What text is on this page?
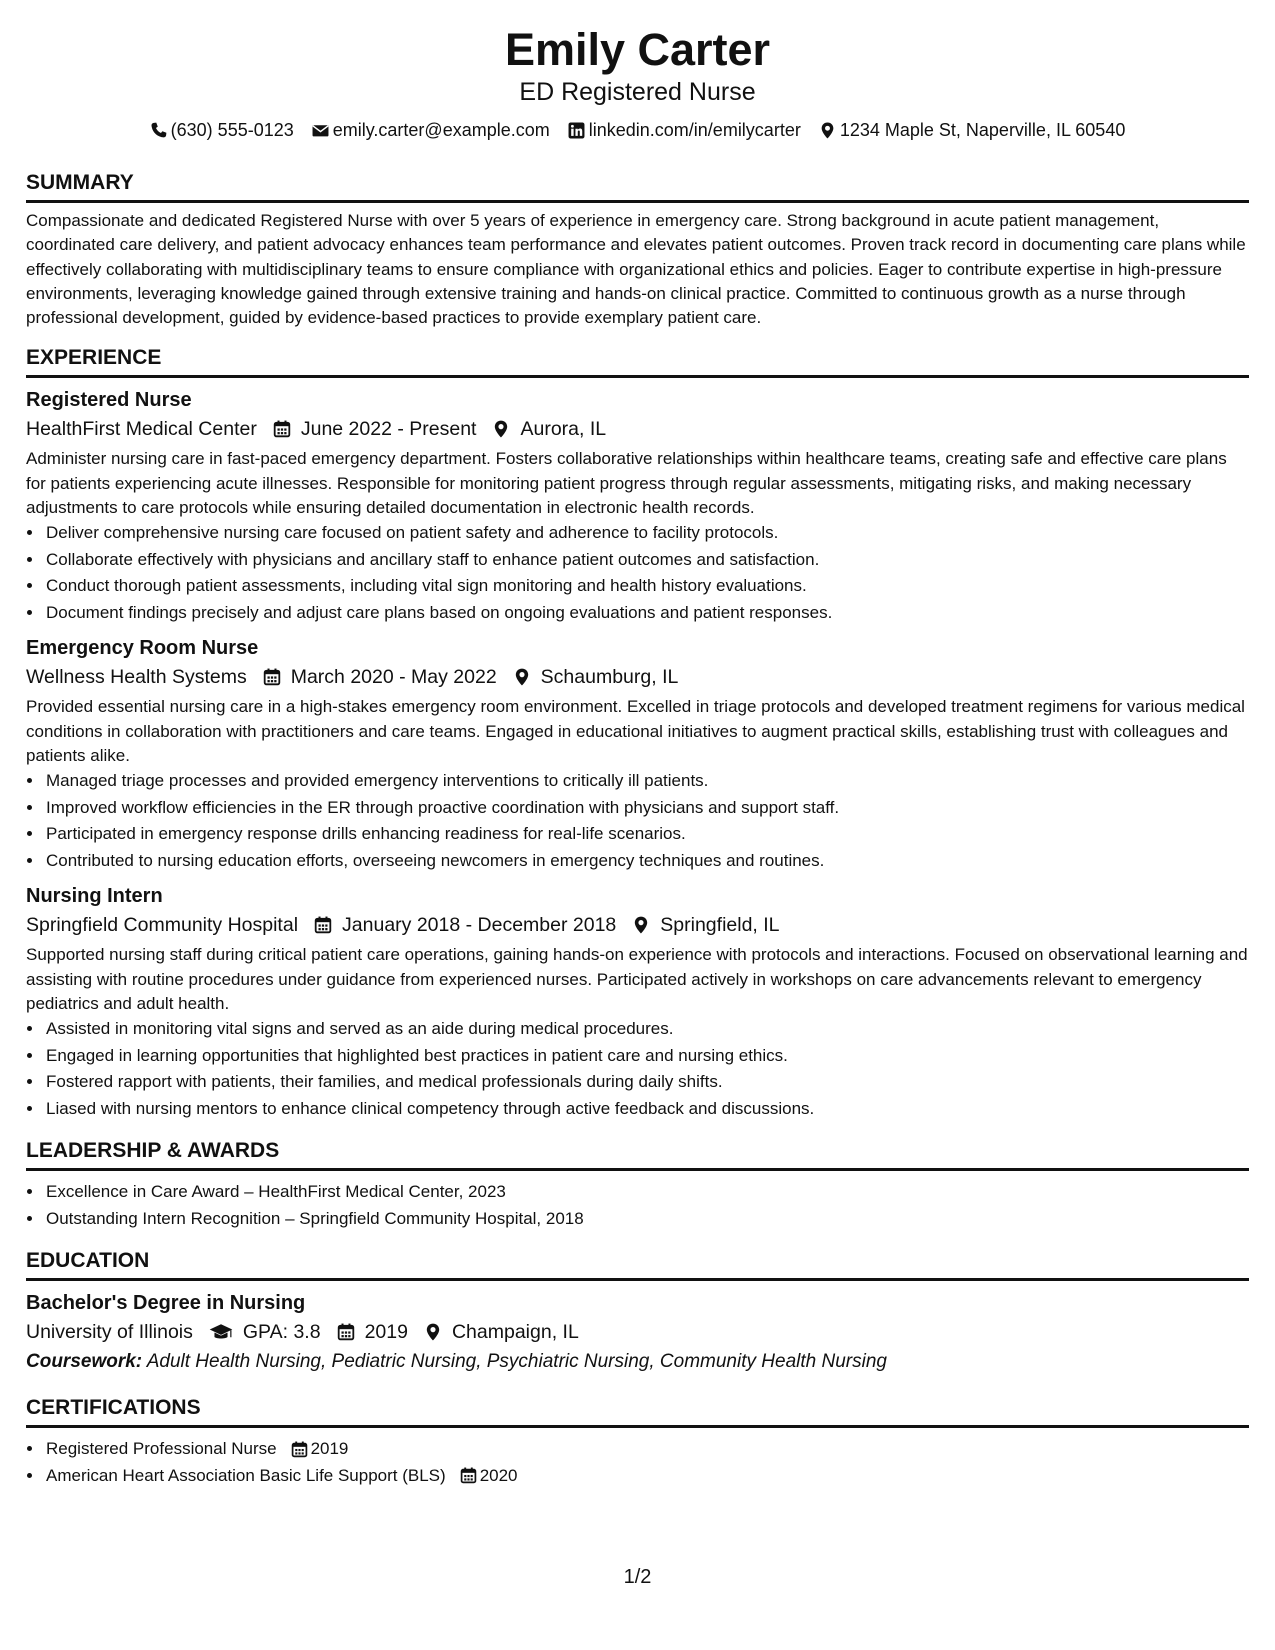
Emily Carter
ED Registered Nurse
(630) 555-0123 emily.carter@example.com linkedin.com/in/emilycarter 1234 Maple St, Naperville, IL 60540
SUMMARY
Compassionate and dedicated Registered Nurse with over 5 years of experience in emergency care. Strong background in acute patient management, coordinated care delivery, and patient advocacy enhances team performance and elevates patient outcomes. Proven track record in documenting care plans while effectively collaborating with multidisciplinary teams to ensure compliance with organizational ethics and policies. Eager to contribute expertise in high-pressure environments, leveraging knowledge gained through extensive training and hands-on clinical practice. Committed to continuous growth as a nurse through professional development, guided by evidence-based practices to provide exemplary patient care.
EXPERIENCE
Registered Nurse
HealthFirst Medical Center June 2022 - Present Aurora, IL
Administer nursing care in fast-paced emergency department. Fosters collaborative relationships within healthcare teams, creating safe and effective care plans for patients experiencing acute illnesses. Responsible for monitoring patient progress through regular assessments, mitigating risks, and making necessary adjustments to care protocols while ensuring detailed documentation in electronic health records.
• Deliver comprehensive nursing care focused on patient safety and adherence to facility protocols.
• Collaborate effectively with physicians and ancillary staff to enhance patient outcomes and satisfaction.
• Conduct thorough patient assessments, including vital sign monitoring and health history evaluations.
• Document findings precisely and adjust care plans based on ongoing evaluations and patient responses.
Emergency Room Nurse
Wellness Health Systems March 2020 - May 2022 Schaumburg, IL
Provided essential nursing care in a high-stakes emergency room environment. Excelled in triage protocols and developed treatment regimens for various medical conditions in collaboration with practitioners and care teams. Engaged in educational initiatives to augment practical skills, establishing trust with colleagues and patients alike.
• Managed triage processes and provided emergency interventions to critically ill patients.
• Improved workflow efficiencies in the ER through proactive coordination with physicians and support staff.
• Participated in emergency response drills enhancing readiness for real-life scenarios.
• Contributed to nursing education efforts, overseeing newcomers in emergency techniques and routines.
Nursing Intern
Springfield Community Hospital January 2018 - December 2018 Springfield, IL
Supported nursing staff during critical patient care operations, gaining hands-on experience with protocols and interactions. Focused on observational learning and assisting with routine procedures under guidance from experienced nurses. Participated actively in workshops on care advancements relevant to emergency pediatrics and adult health.
• Assisted in monitoring vital signs and served as an aide during medical procedures.
• Engaged in learning opportunities that highlighted best practices in patient care and nursing ethics.
• Fostered rapport with patients, their families, and medical professionals during daily shifts.
• Liased with nursing mentors to enhance clinical competency through active feedback and discussions.
LEADERSHIP & AWARDS
• Excellence in Care Award – HealthFirst Medical Center, 2023
• Outstanding Intern Recognition – Springfield Community Hospital, 2018
EDUCATION
Bachelor's Degree in Nursing
University of Illinois	GPA: 3.8 2019 Champaign, IL
Coursework: Adult Health Nursing, Pediatric Nursing, Psychiatric Nursing, Community Health Nursing
CERTIFICATIONS
• Registered Professional Nurse 2019
• American Heart Association Basic Life Support (BLS) 2020
1/2
